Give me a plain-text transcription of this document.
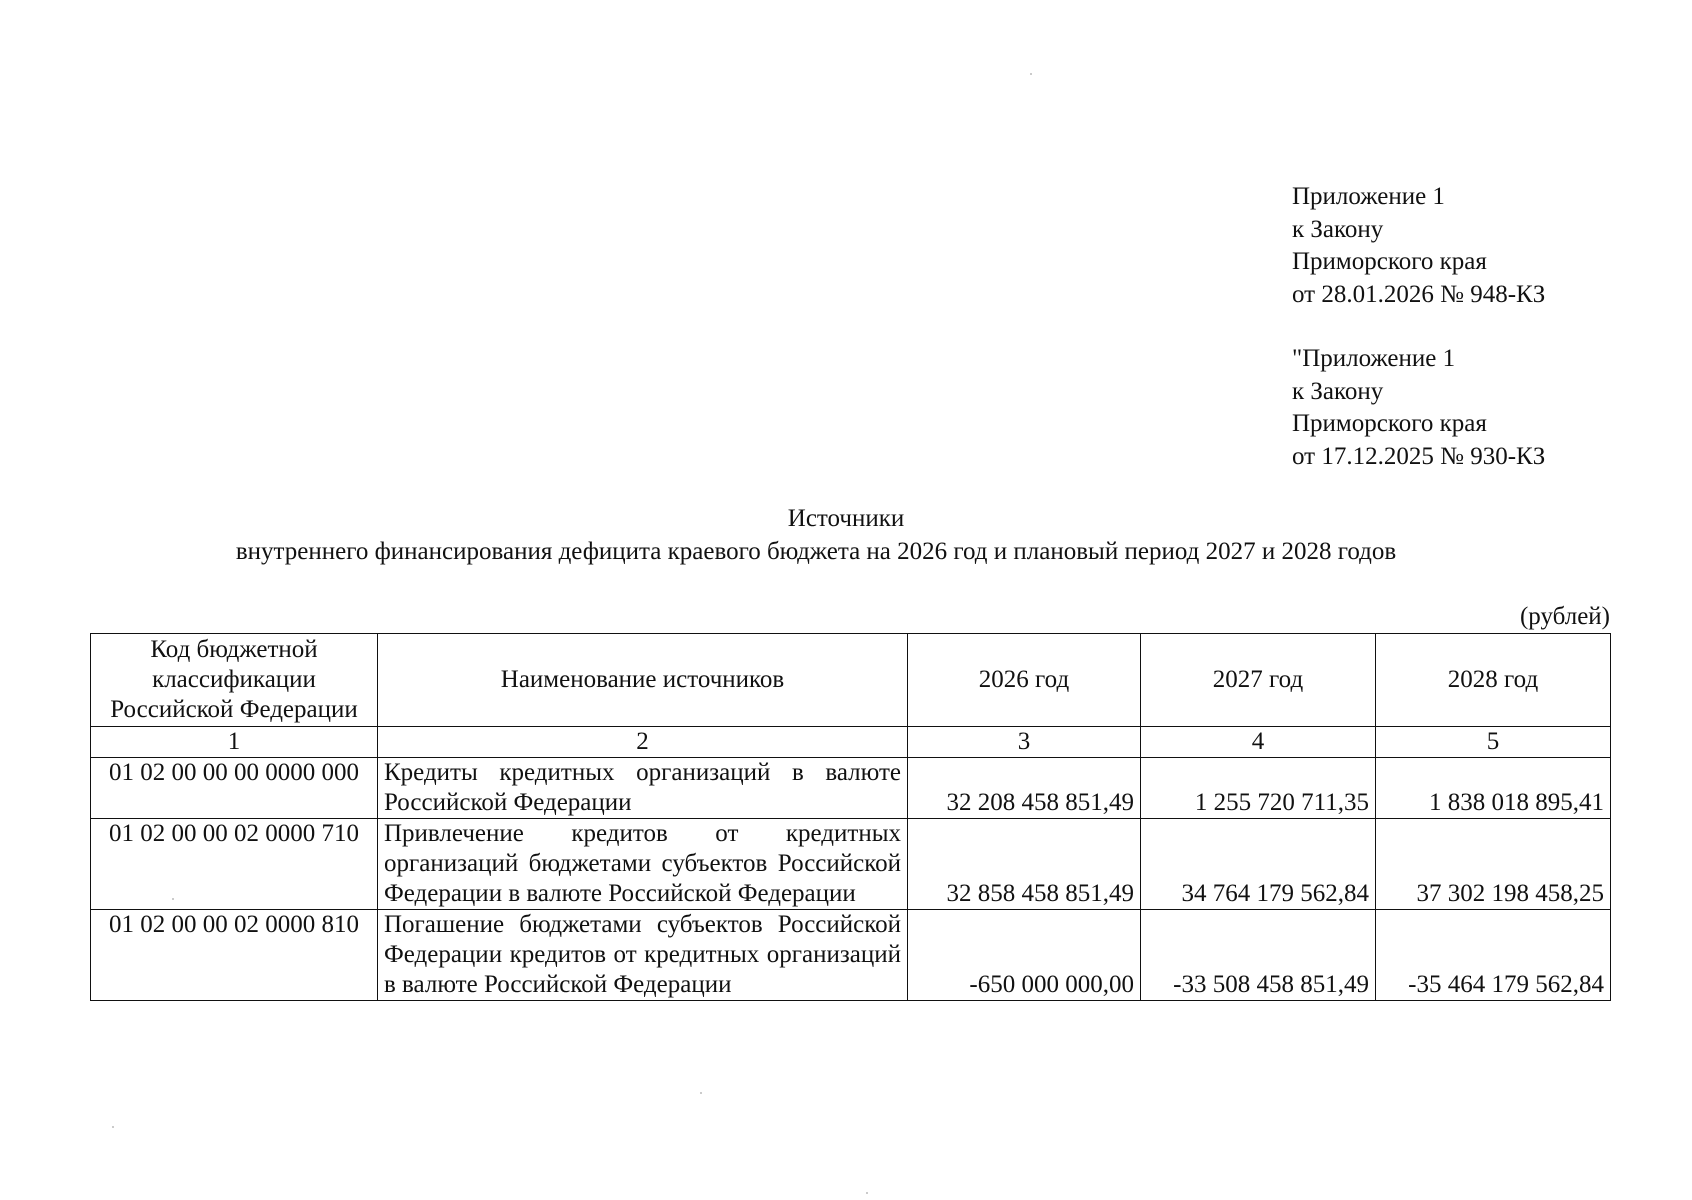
Приложение 1
к Закону
Приморского края
от 28.01.2026 № 948-КЗ
"Приложение 1
к Закону
Приморского края
от 17.12.2025 № 930-КЗ
Источники
внутреннего финансирования дефицита краевого бюджета на 2026 год и плановый период 2027 и 2028 годов
(рублей)
Код бюджетной
классификации
Российской Федерации	Наименование источников	2026 год	2027 год	2028 год
1	2	3	4	5
01 02 00 00 00 0000 000	Кредиты кредитных организаций в валюте Российской Федерации	32 208 458 851,49	1 255 720 711,35	1 838 018 895,41
01 02 00 00 02 0000 710	Привлечение кредитов от кредитных организаций бюджетами субъектов Российской Федерации в валюте Российской Федерации	32 858 458 851,49	34 764 179 562,84	37 302 198 458,25
01 02 00 00 02 0000 810	Погашение бюджетами субъектов Российской Федерации кредитов от кредитных организаций в валюте Российской Федерации	-650 000 000,00	-33 508 458 851,49	-35 464 179 562,84
